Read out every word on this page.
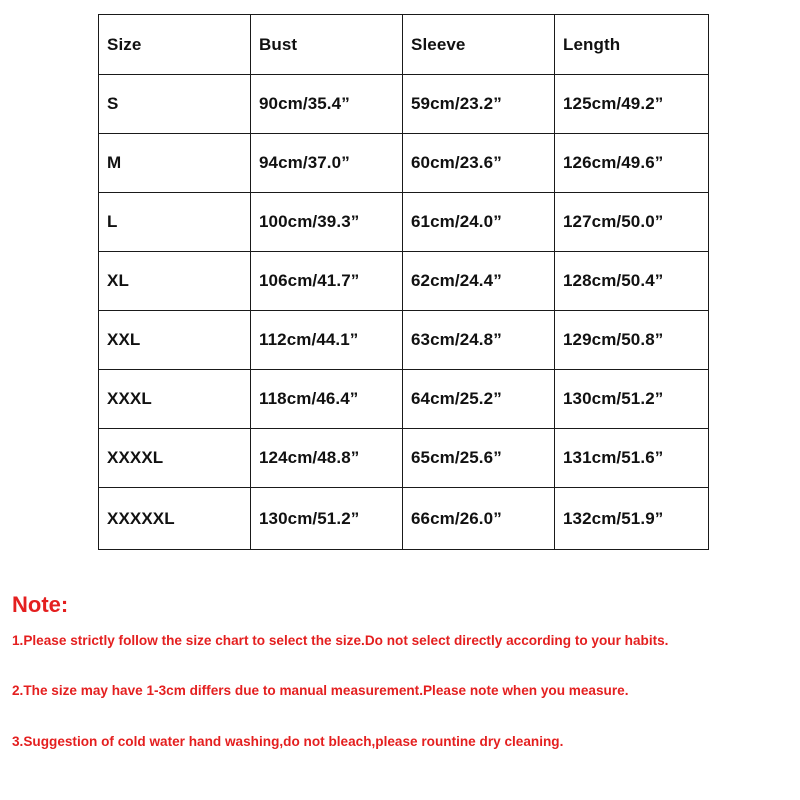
Size	Bust	Sleeve	Length
S	90cm/35.4”	59cm/23.2”	125cm/49.2”
M	94cm/37.0”	60cm/23.6”	126cm/49.6”
L	100cm/39.3”	61cm/24.0”	127cm/50.0”
XL	106cm/41.7”	62cm/24.4”	128cm/50.4”
XXL	112cm/44.1”	63cm/24.8”	129cm/50.8”
XXXL	118cm/46.4”	64cm/25.2”	130cm/51.2”
XXXXL	124cm/48.8”	65cm/25.6”	131cm/51.6”
XXXXXL	130cm/51.2”	66cm/26.0”	132cm/51.9”
Note:

1.Please strictly follow the size chart to select the size.Do not select directly according to your habits.

2.The size may have 1-3cm differs due to manual measurement.Please note when you measure.

3.Suggestion of cold water hand washing,do not bleach,please rountine dry cleaning.
